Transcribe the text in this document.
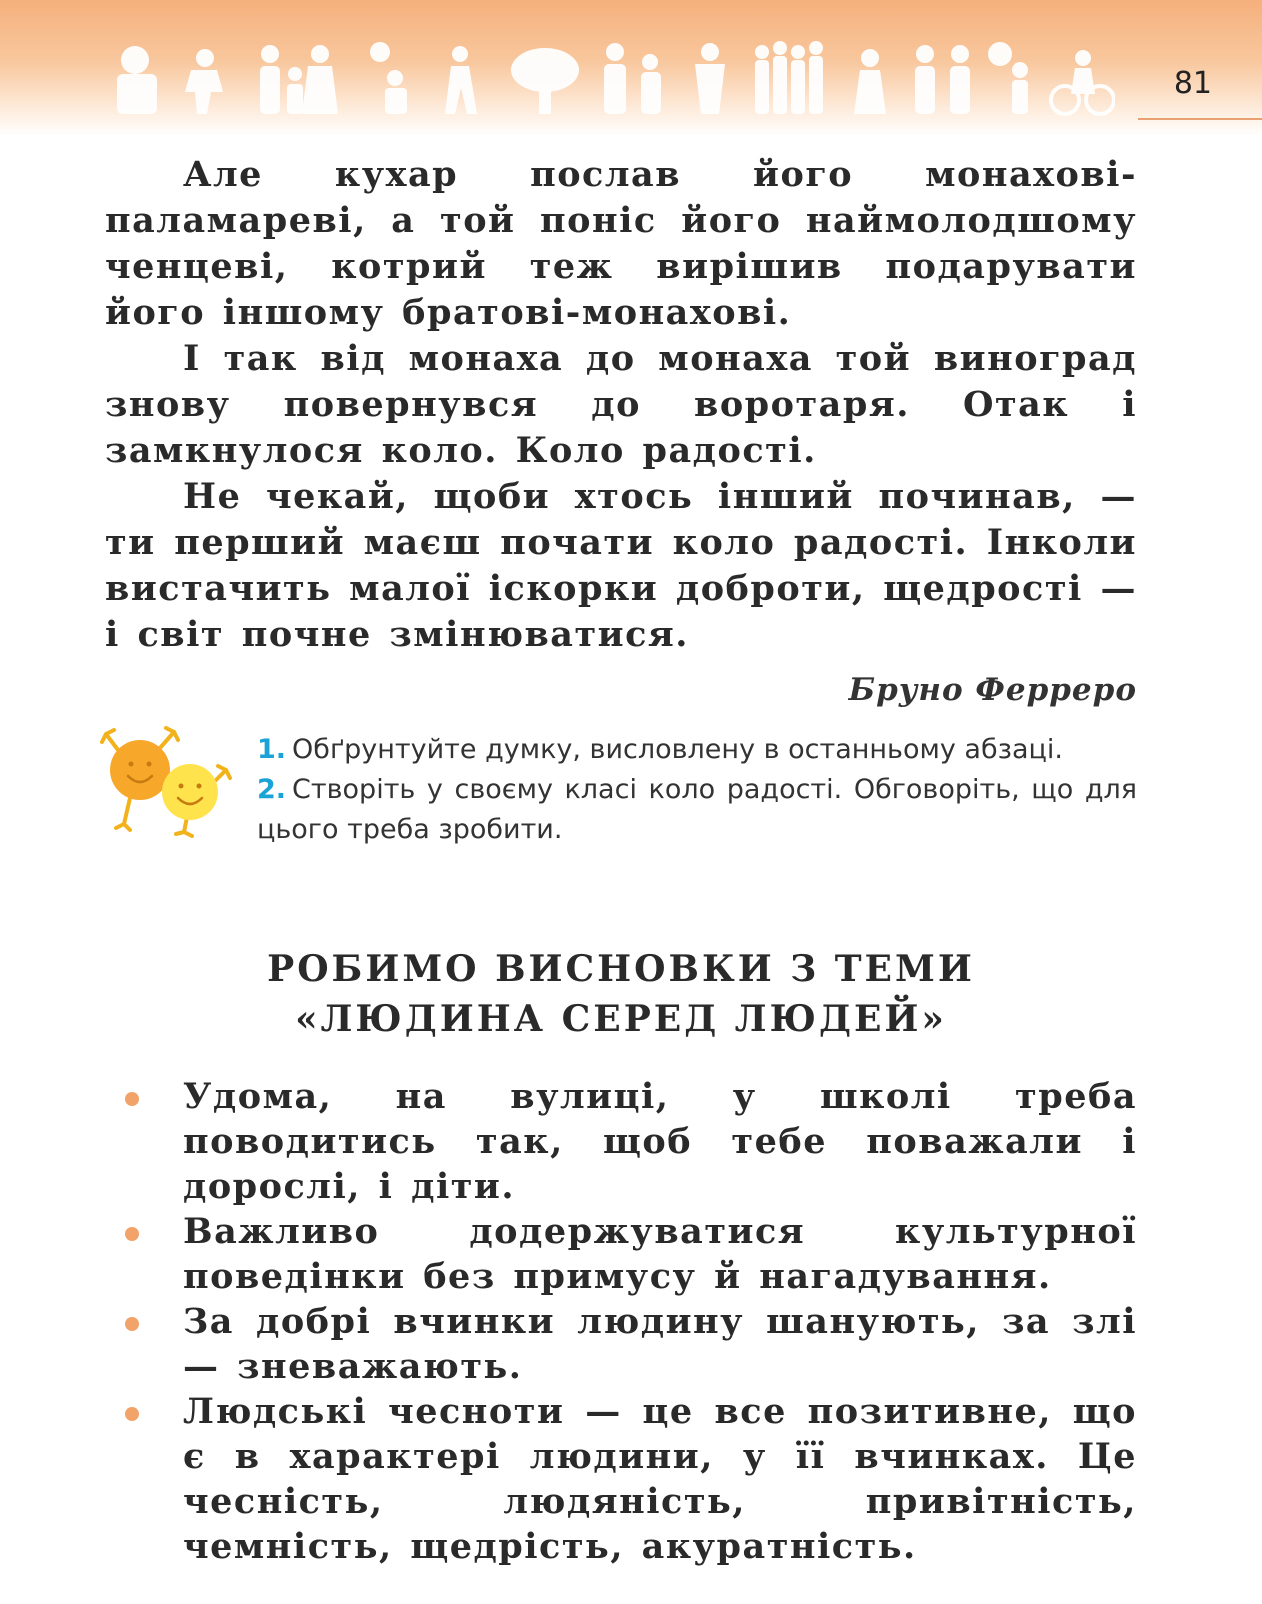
81

Але кухар послав його монахові-паламареві, а той поніс його наймолодшому ченцеві, котрий теж вирішив подарувати його іншому братові-монахові.

І так від монаха до монаха той виноград знову повернувся до воротаря. Отак і замкнулося коло. Коло радості.

Не чекай, щоби хтось інший починав, — ти перший маєш почати коло радості. Інколи вистачить малої іскорки доброти, щедрості — і світ почне змінюватися.

Бруно Ферреро
1. Обґрунтуйте думку, висловлену в останньому абзаці.
2. Створіть у своєму класі коло радості. Обговоріть, що для цього треба зробити.
РОБИМО ВИСНОВКИ З ТЕМИ
«ЛЮДИНА СЕРЕД ЛЮДЕЙ»
Удома, на вулиці, у школі треба поводитись так, щоб тебе поважали і дорослі, і діти.
Важливо додержуватися культурної поведінки без примусу й нагадування.
За добрі вчинки людину шанують, за злі — зневажають.
Людські чесноти — це все позитивне, що є в характері людини, у її вчинках. Це чесність, людяність, привітність, чемність, щедрість, акуратність.
